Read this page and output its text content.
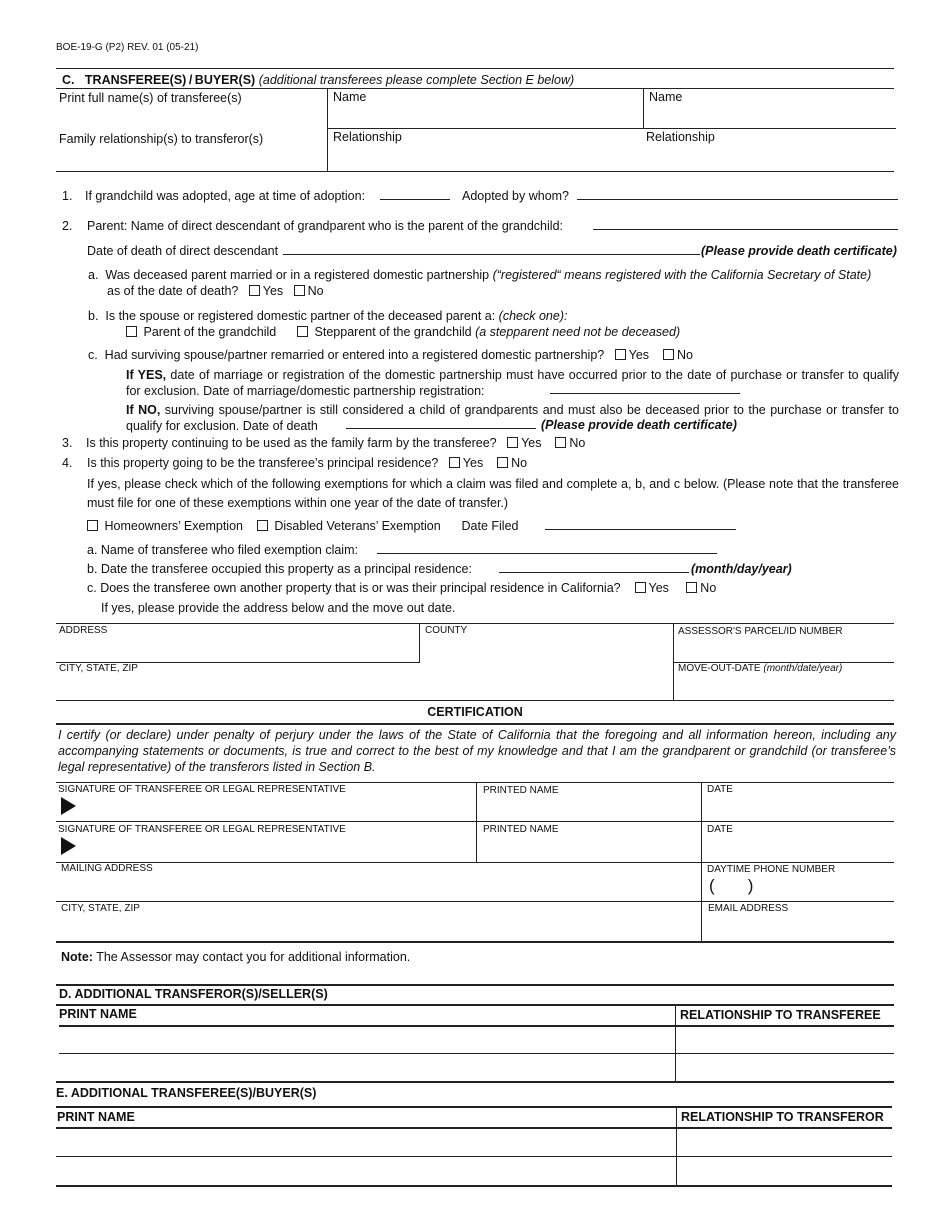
BOE-19-G (P2) REV. 01 (05-21)
C. TRANSFEREE(S) / BUYER(S) (additional transferees please complete Section E below)
Print full name(s) of transferee(s)	Name	Name
Family relationship(s) to transferor(s)	Relationship	Relationship
1. If grandchild was adopted, age at time of adoption:	Adopted by whom?
2. Parent: Name of direct descendant of grandparent who is the parent of the grandchild:
Date of death of direct descendant	(Please provide death certificate)
a.  Was deceased parent married or in a registered domestic partnership (“registered“ means registered with the California Secretary of State)
as of the date of death? Yes No
b.  Is the spouse or registered domestic partner of the deceased parent a: (check one):
Parent of the grandchild	Stepparent of the grandchild (a stepparent need not be deceased)
c.  Had surviving spouse/partner remarried or entered into a registered domestic partnership? Yes No
If YES, date of marriage or registration of the domestic partnership must have occurred prior to the date of purchase or transfer to qualify for exclusion. Date of marriage/domestic partnership registration:
If NO, surviving spouse/partner is still considered a child of grandparents and must also be deceased prior to the purchase or transfer to qualify for exclusion. Date of death	(Please provide death certificate)
3. Is this property continuing to be used as the family farm by the transferee? Yes No
4. Is this property going to be the transferee’s principal residence? Yes No
If yes, please check which of the following exemptions for which a claim was filed and complete a, b, and c below. (Please note that the transferee must file for one of these exemptions within one year of the date of transfer.)
Homeowners’ Exemption	Disabled Veterans’ Exemption Date Filed
a. Name of transferee who filed exemption claim:
b. Date the transferee occupied this property as a principal residence:	(month/day/year)
c. Does the transferee own another property that is or was their principal residence in California? Yes	No
If yes, please provide the address below and the move out date.
ADDRESS	COUNTY	ASSESSOR'S PARCEL/ID NUMBER
CITY, STATE, ZIP	MOVE-OUT-DATE (month/date/year)
CERTIFICATION
I certify (or declare) under penalty of perjury under the laws of the State of California that the foregoing and all information hereon, including any accompanying statements or documents, is true and correct to the best of my knowledge and that I am the grandparent or grandchild (or transferee’s legal representative) of the transferors listed in Section B.
SIGNATURE OF TRANSFEREE OR LEGAL REPRESENTATIVE	PRINTED NAME	DATE
SIGNATURE OF TRANSFEREE OR LEGAL REPRESENTATIVE	PRINTED NAME	DATE
MAILING ADDRESS	DAYTIME PHONE NUMBER
(       )
CITY, STATE, ZIP	EMAIL ADDRESS
Note: The Assessor may contact you for additional information.
D. ADDITIONAL TRANSFEROR(S)/SELLER(S)
PRINT NAME	RELATIONSHIP TO TRANSFEREE
E. ADDITIONAL TRANSFEREE(S)/BUYER(S)
PRINT NAME	RELATIONSHIP TO TRANSFEROR
